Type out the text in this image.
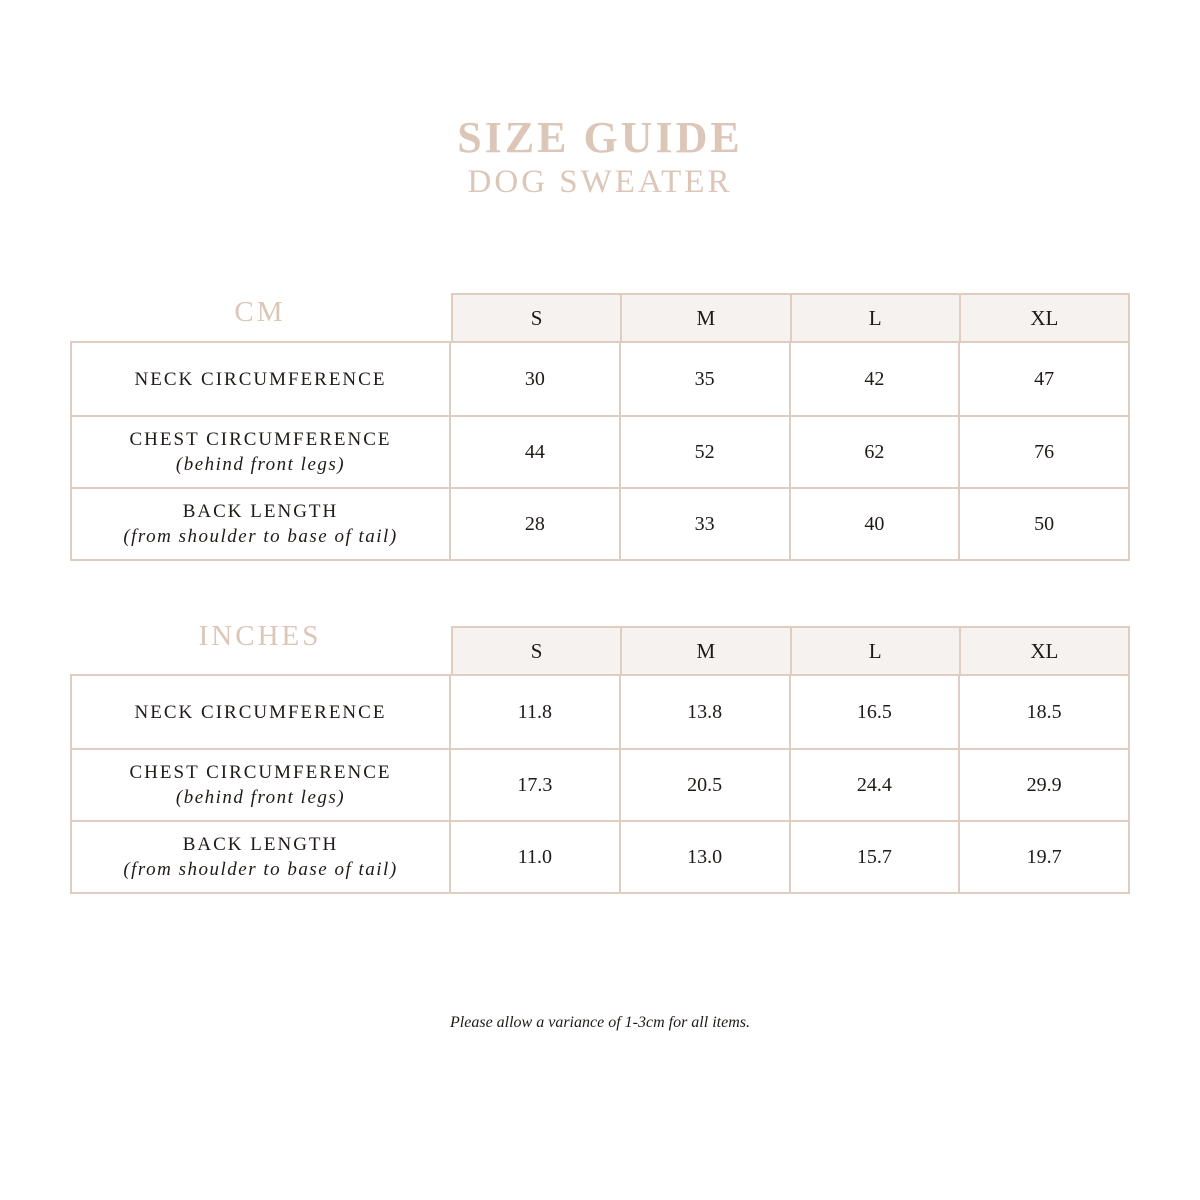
SIZE GUIDE
DOG SWEATER
CM	S	M	L	XL
NECK CIRCUMFERENCE	30	35	42	47
CHEST CIRCUMFERENCE
(behind front legs)
44	52	62	76
BACK LENGTH
(from shoulder to base of tail)
28	33	40	50
INCHES	S	M	L	XL
NECK CIRCUMFERENCE	11.8	13.8	16.5	18.5
CHEST CIRCUMFERENCE
(behind front legs)
17.3	20.5	24.4	29.9
BACK LENGTH
(from shoulder to base of tail)
11.0	13.0	15.7	19.7
Please allow a variance of 1-3cm for all items.
